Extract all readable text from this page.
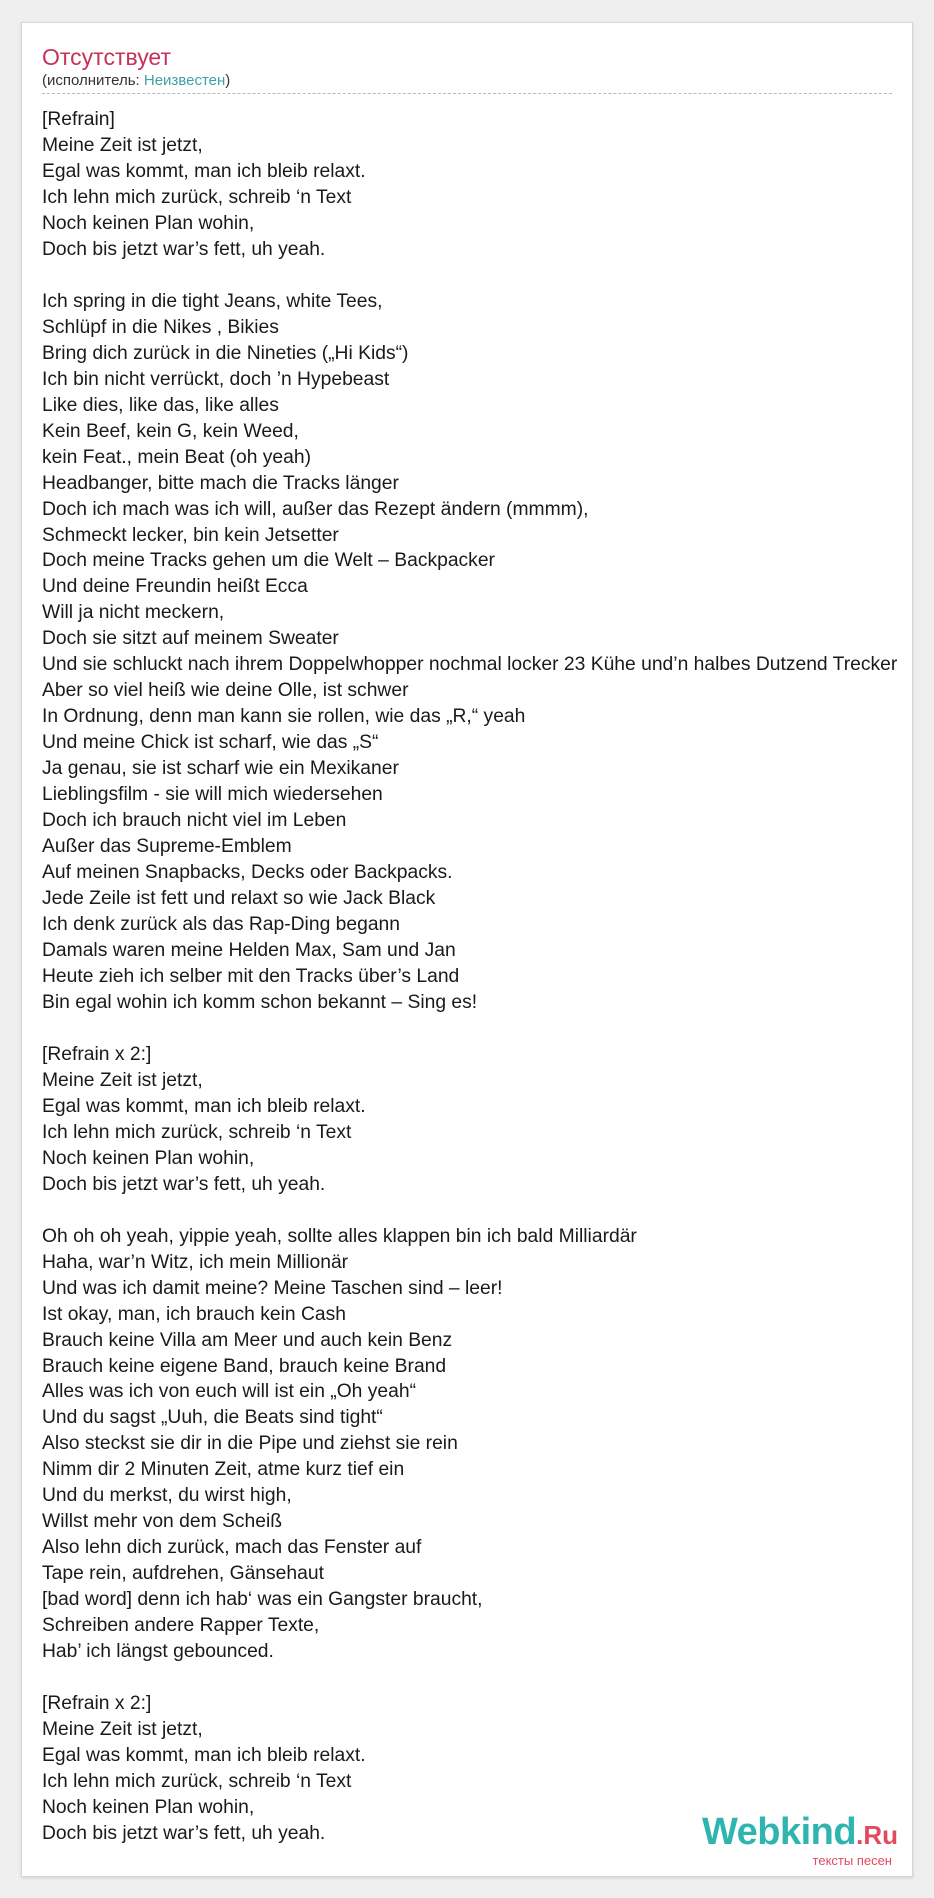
Отсутствует
(исполнитель: Неизвестен)
[Refrain]
Meine Zeit ist jetzt,
Egal was kommt, man ich bleib relaxt.
Ich lehn mich zurück, schreib ‘n Text
Noch keinen Plan wohin,
Doch bis jetzt war’s fett, uh yeah.

Ich spring in die tight Jeans, white Tees,
Schlüpf in die Nikes , Bikies
Bring dich zurück in die Nineties („Hi Kids“)
Ich bin nicht verrückt, doch ’n Hypebeast
Like dies, like das, like alles
Kein Beef, kein G, kein Weed,
kein Feat., mein Beat (oh yeah)
Headbanger, bitte mach die Tracks länger
Doch ich mach was ich will, außer das Rezept ändern (mmmm),
Schmeckt lecker, bin kein Jetsetter
Doch meine Tracks gehen um die Welt – Backpacker
Und deine Freundin heißt Ecca
Will ja nicht meckern,
Doch sie sitzt auf meinem Sweater
Und sie schluckt nach ihrem Doppelwhopper nochmal locker 23 Kühe und’n halbes Dutzend Trecker
Aber so viel heiß wie deine Olle, ist schwer
In Ordnung, denn man kann sie rollen, wie das „R,“ yeah
Und meine Chick ist scharf, wie das „S“
Ja genau, sie ist scharf wie ein Mexikaner
Lieblingsfilm - sie will mich wiedersehen
Doch ich brauch nicht viel im Leben
Außer das Supreme-Emblem
Auf meinen Snapbacks, Decks oder Backpacks.
Jede Zeile ist fett und relaxt so wie Jack Black
Ich denk zurück als das Rap-Ding begann
Damals waren meine Helden Max, Sam und Jan
Heute zieh ich selber mit den Tracks über’s Land
Bin egal wohin ich komm schon bekannt – Sing es!

[Refrain x 2:]
Meine Zeit ist jetzt,
Egal was kommt, man ich bleib relaxt.
Ich lehn mich zurück, schreib ‘n Text
Noch keinen Plan wohin,
Doch bis jetzt war’s fett, uh yeah.

Oh oh oh yeah, yippie yeah, sollte alles klappen bin ich bald Milliardär
Haha, war’n Witz, ich mein Millionär
Und was ich damit meine? Meine Taschen sind – leer!
Ist okay, man, ich brauch kein Cash
Brauch keine Villa am Meer und auch kein Benz
Brauch keine eigene Band, brauch keine Brand
Alles was ich von euch will ist ein „Oh yeah“
Und du sagst „Uuh, die Beats sind tight“
Also steckst sie dir in die Pipe und ziehst sie rein
Nimm dir 2 Minuten Zeit, atme kurz tief ein
Und du merkst, du wirst high,
Willst mehr von dem Scheiß
Also lehn dich zurück, mach das Fenster auf
Tape rein, aufdrehen, Gänsehaut
[bad word] denn ich hab‘ was ein Gangster braucht,
Schreiben andere Rapper Texte,
Hab’ ich längst gebounced.

[Refrain x 2:]
Meine Zeit ist jetzt,
Egal was kommt, man ich bleib relaxt.
Ich lehn mich zurück, schreib ‘n Text
Noch keinen Plan wohin,
Doch bis jetzt war’s fett, uh yeah.	Webkind.Ru
тексты песен
